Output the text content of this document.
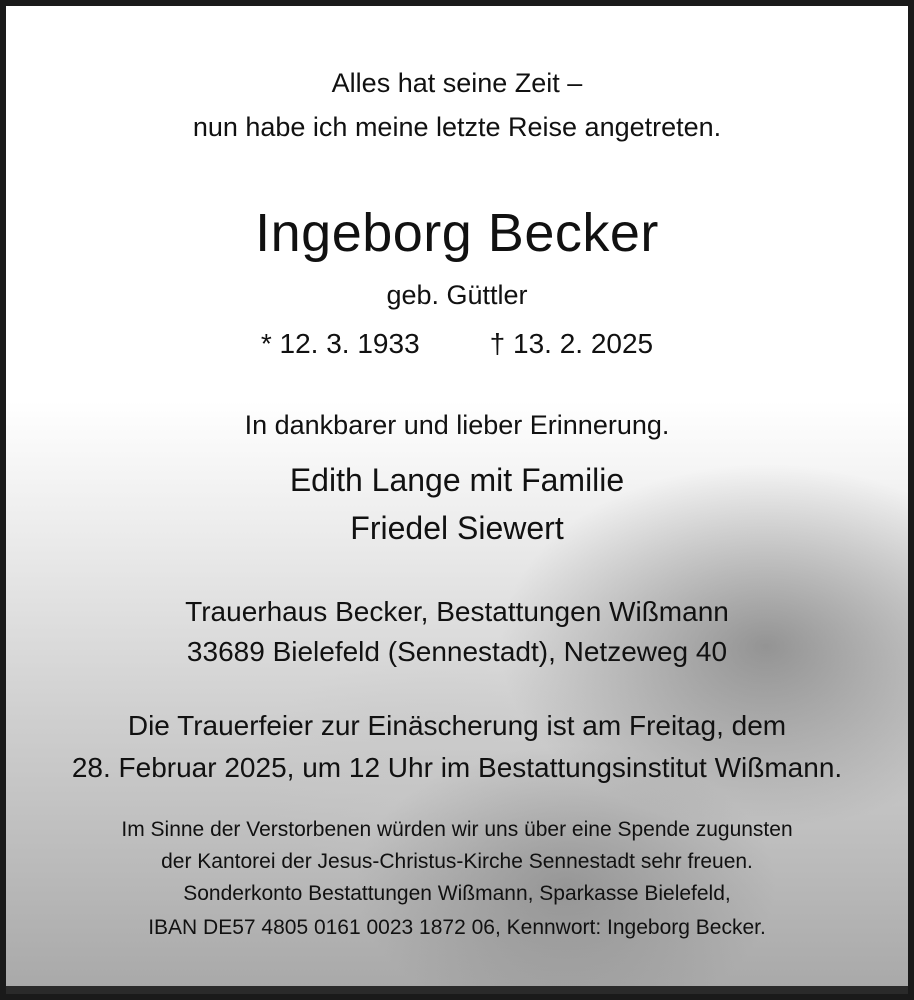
Alles hat seine Zeit –
nun habe ich meine letzte Reise angetreten.
Ingeborg Becker
geb. Güttler
* 12. 3. 1933	† 13. 2. 2025
In dankbarer und lieber Erinnerung.
Edith Lange mit Familie
Friedel Siewert
Trauerhaus Becker, Bestattungen Wißmann
33689 Bielefeld (Sennestadt), Netzeweg 40
Die Trauerfeier zur Einäscherung ist am Freitag, dem
28. Februar 2025, um 12 Uhr im Bestattungsinstitut Wißmann.
Im Sinne der Verstorbenen würden wir uns über eine Spende zugunsten
der Kantorei der Jesus-Christus-Kirche Sennestadt sehr freuen.
Sonderkonto Bestattungen Wißmann, Sparkasse Bielefeld,
IBAN DE57 4805 0161 0023 1872 06, Kennwort: Ingeborg Becker.
